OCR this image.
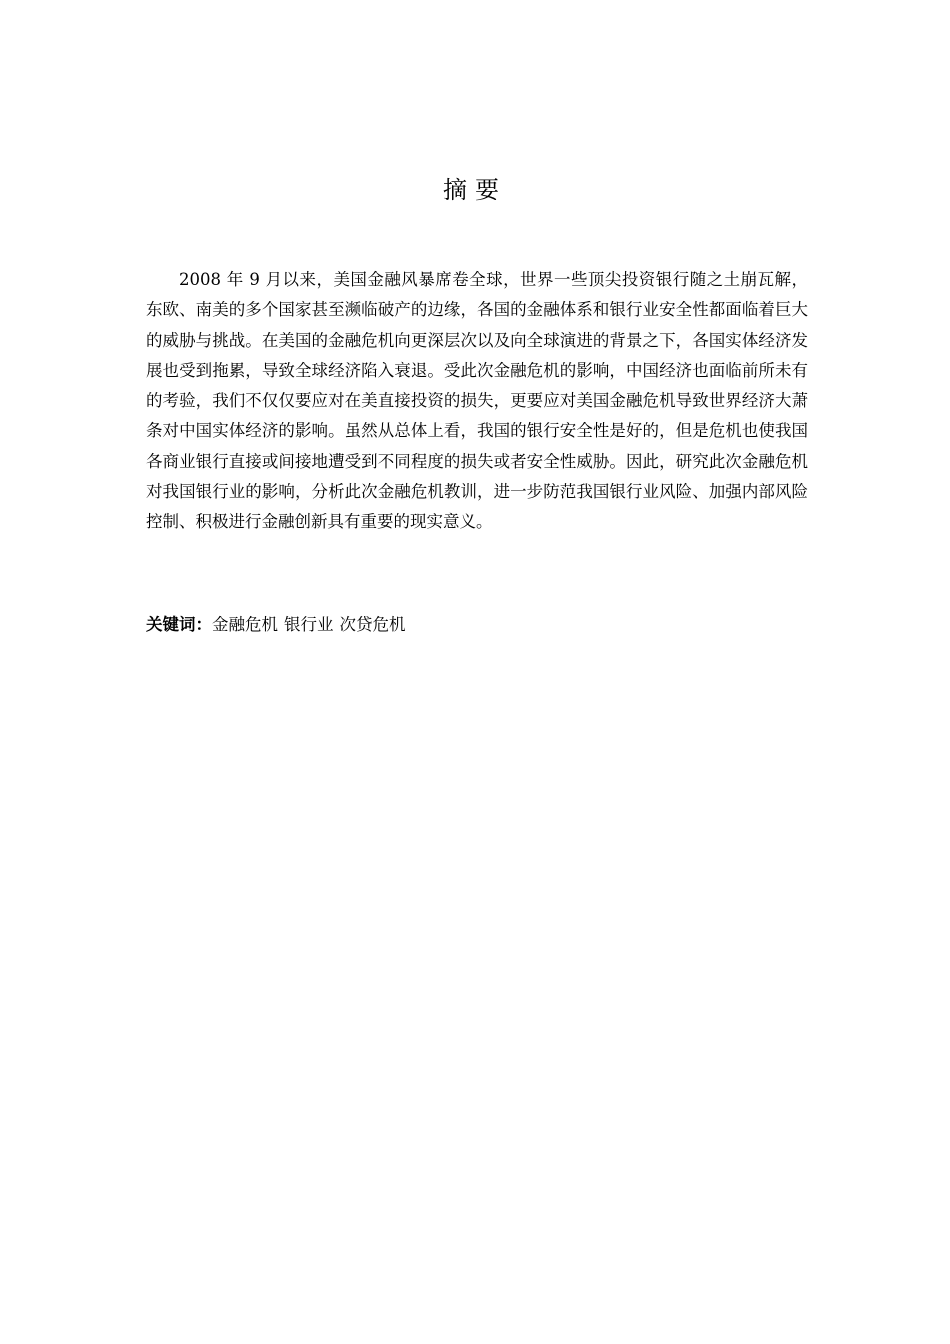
摘要

2008 年 9 月以来，美国金融风暴席卷全球，世界一些顶尖投资银行随之土崩瓦解，东欧、南美的多个国家甚至濒临破产的边缘，各国的金融体系和银行业安全性都面临着巨大的威胁与挑战。在美国的金融危机向更深层次以及向全球演进的背景之下，各国实体经济发展也受到拖累，导致全球经济陷入衰退。受此次金融危机的影响，中国经济也面临前所未有的考验，我们不仅仅要应对在美直接投资的损失，更要应对美国金融危机导致世界经济大萧条对中国实体经济的影响。虽然从总体上看，我国的银行安全性是好的，但是危机也使我国各商业银行直接或间接地遭受到不同程度的损失或者安全性威胁。因此，研究此次金融危机对我国银行业的影响，分析此次金融危机教训，进一步防范我国银行业风险、加强内部风险控制、积极进行金融创新具有重要的现实意义。

关键词：金融危机 银行业 次贷危机
